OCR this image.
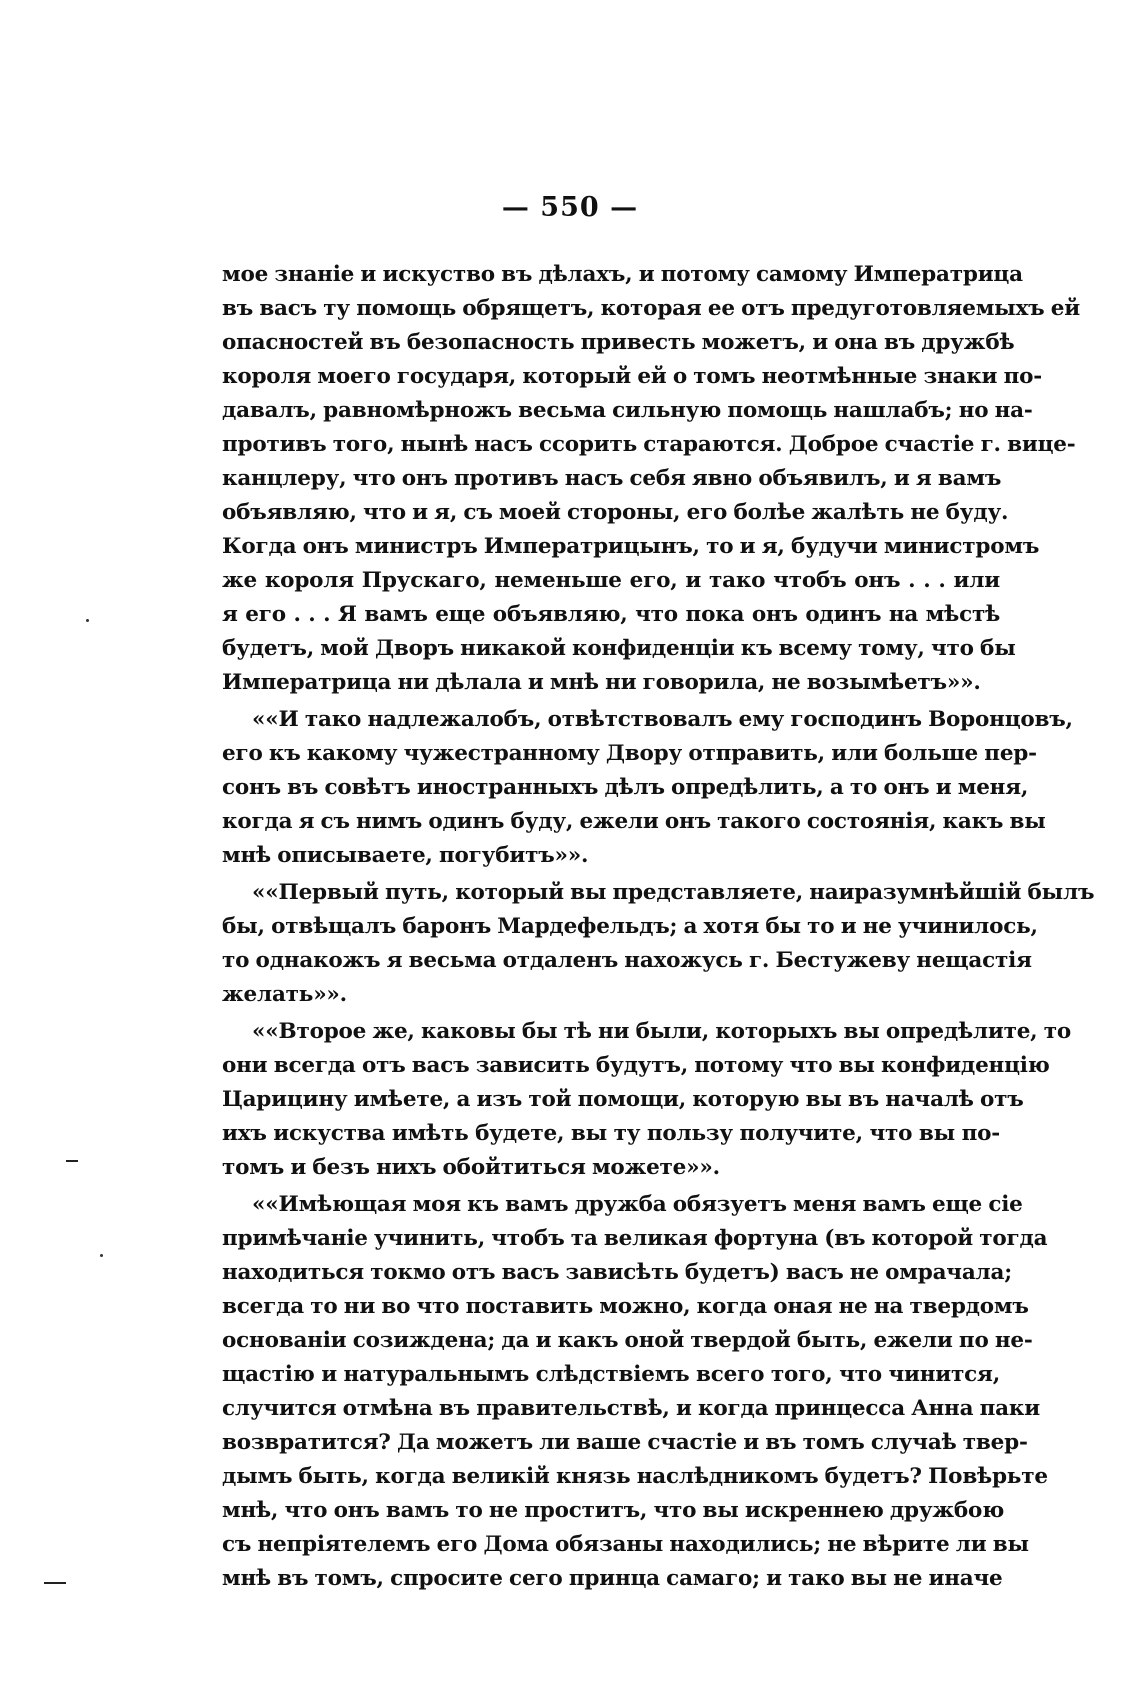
— 550 —
мое знаніе и искуство въ дѣлахъ, и потому самому Императрица
въ васъ ту помощь обрящетъ, которая ее отъ предуготовляемыхъ ей
опасностей въ безопасность привесть можетъ, и она въ дружбѣ
короля моего государя, который ей о томъ неотмѣнные знаки по-
давалъ, равномѣрножъ весьма сильную помощь нашлабъ; но на-
противъ того, нынѣ насъ ссорить стараются. Доброе счастіе г. вице-
канцлеру, что онъ противъ насъ себя явно объявилъ, и я вамъ
объявляю, что и я, съ моей стороны, его болѣе жалѣть не буду.
Когда онъ министръ Императрицынъ, то и я, будучи министромъ
же короля Прускаго, неменьше его, и тако чтобъ онъ . . . или
я его . . . Я вамъ еще объявляю, что пока онъ одинъ на мѣстѣ
будетъ, мой Дворъ никакой конфиденціи къ всему тому, что бы
Императрица ни дѣлала и мнѣ ни говорила, не возымѣетъ»».
««И тако надлежалобъ, отвѣтствовалъ ему господинъ Воронцовъ,
его къ какому чужестранному Двору отправить, или больше пер-
сонъ въ совѣтъ иностранныхъ дѣлъ опредѣлить, а то онъ и меня,
когда я съ нимъ одинъ буду, ежели онъ такого состоянія, какъ вы
мнѣ описываете, погубитъ»».
««Первый путь, который вы представляете, наиразумнѣйшій былъ
бы, отвѣщалъ баронъ Мардефельдъ; а хотя бы то и не учинилось,
то однакожъ я весьма отдаленъ нахожусь г. Бестужеву нещастія
желать»».
««Второе же, каковы бы тѣ ни были, которыхъ вы опредѣлите, то
они всегда отъ васъ зависить будутъ, потому что вы конфиденцію
Царицину имѣете, а изъ той помощи, которую вы въ началѣ отъ
ихъ искуства имѣть будете, вы ту пользу получите, что вы по-
томъ и безъ нихъ обойтиться можете»».
««Имѣющая моя къ вамъ дружба обязуетъ меня вамъ еще сіе
примѣчаніе учинить, чтобъ та великая фортуна (въ которой тогда
находиться токмо отъ васъ зависѣть будетъ) васъ не омрачала;
всегда то ни во что поставить можно, когда оная не на твердомъ
основаніи созиждена; да и какъ оной твердой быть, ежели по не-
щастію и натуральнымъ слѣдствіемъ всего того, что чинится,
случится отмѣна въ правительствѣ, и когда принцесса Анна паки
возвратится? Да можетъ ли ваше счастіе и въ томъ случаѣ твер-
дымъ быть, когда великій князь наслѣдникомъ будетъ? Повѣрьте
мнѣ, что онъ вамъ то не проститъ, что вы искреннею дружбою
съ непріятелемъ его Дома обязаны находились; не вѣрите ли вы
мнѣ въ томъ, спросите сего принца самаго; и тако вы не иначе
